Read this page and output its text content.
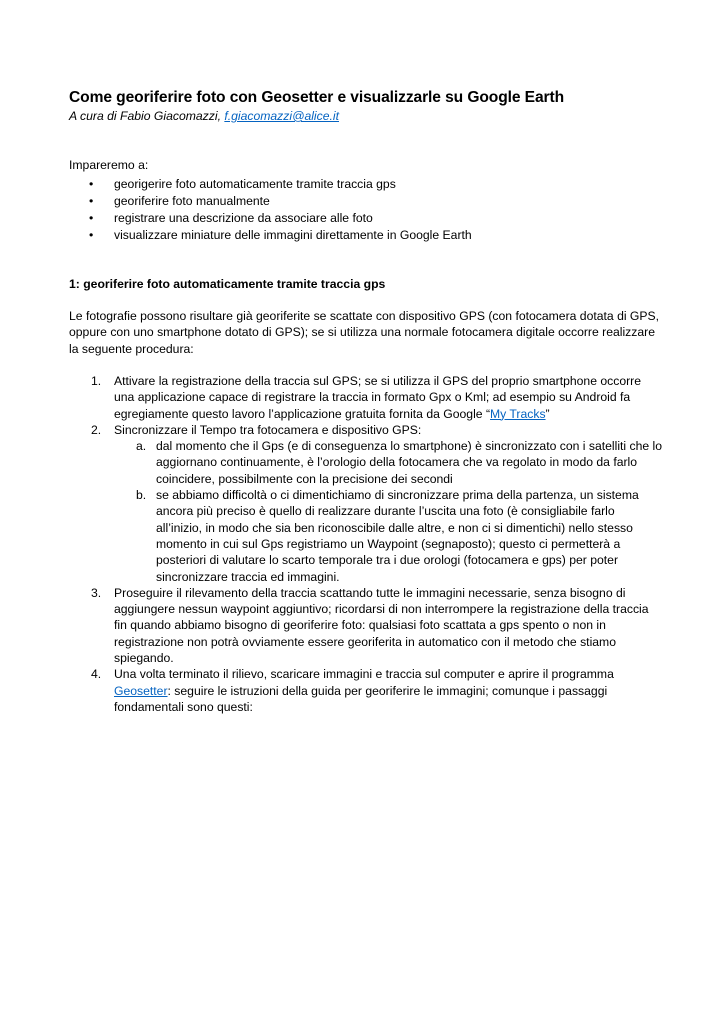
Come georiferire foto con Geosetter e visualizzarle su Google Earth

A cura di Fabio Giacomazzi, f.giacomazzi@alice.it

Impareremo a:

• georigerire foto automaticamente tramite traccia gps
• georiferire foto manualmente
• registrare una descrizione da associare alle foto
• visualizzare miniature delle immagini direttamente in Google Earth

1: georiferire foto automaticamente tramite traccia gps

Le fotografie possono risultare già georiferite se scattate con dispositivo GPS (con fotocamera dotata di GPS, oppure con uno smartphone dotato di GPS); se si utilizza una normale fotocamera digitale occorre realizzare la seguente procedura:

1. Attivare la registrazione della traccia sul GPS; se si utilizza il GPS del proprio smartphone occorre una applicazione capace di registrare la traccia in formato Gpx o Kml; ad esempio su Android fa egregiamente questo lavoro l’applicazione gratuita fornita da Google “My Tracks”
2. Sincronizzare il Tempo tra fotocamera e dispositivo GPS:
a. dal momento che il Gps (e di conseguenza lo smartphone) è sincronizzato con i satelliti che lo aggiornano continuamente, è l’orologio della fotocamera che va regolato in modo da farlo coincidere, possibilmente con la precisione dei secondi
b. se abbiamo difficoltà o ci dimentichiamo di sincronizzare prima della partenza, un sistema ancora più preciso è quello di realizzare durante l’uscita una foto (è consigliabile farlo all’inizio, in modo che sia ben riconoscibile dalle altre, e non ci si dimentichi) nello stesso momento in cui sul Gps registriamo un Waypoint (segnaposto); questo ci permetterà a posteriori di valutare lo scarto temporale tra i due orologi (fotocamera e gps) per poter sincronizzare traccia ed immagini.
3. Proseguire il rilevamento della traccia scattando tutte le immagini necessarie, senza bisogno di aggiungere nessun waypoint aggiuntivo; ricordarsi di non interrompere la registrazione della traccia fin quando abbiamo bisogno di georiferire foto: qualsiasi foto scattata a gps spento o non in registrazione non potrà ovviamente essere georiferita in automatico con il metodo che stiamo spiegando.
4. Una volta terminato il rilievo, scaricare immagini e traccia sul computer e aprire il programma Geosetter: seguire le istruzioni della guida per georiferire le immagini; comunque i passaggi fondamentali sono questi:
